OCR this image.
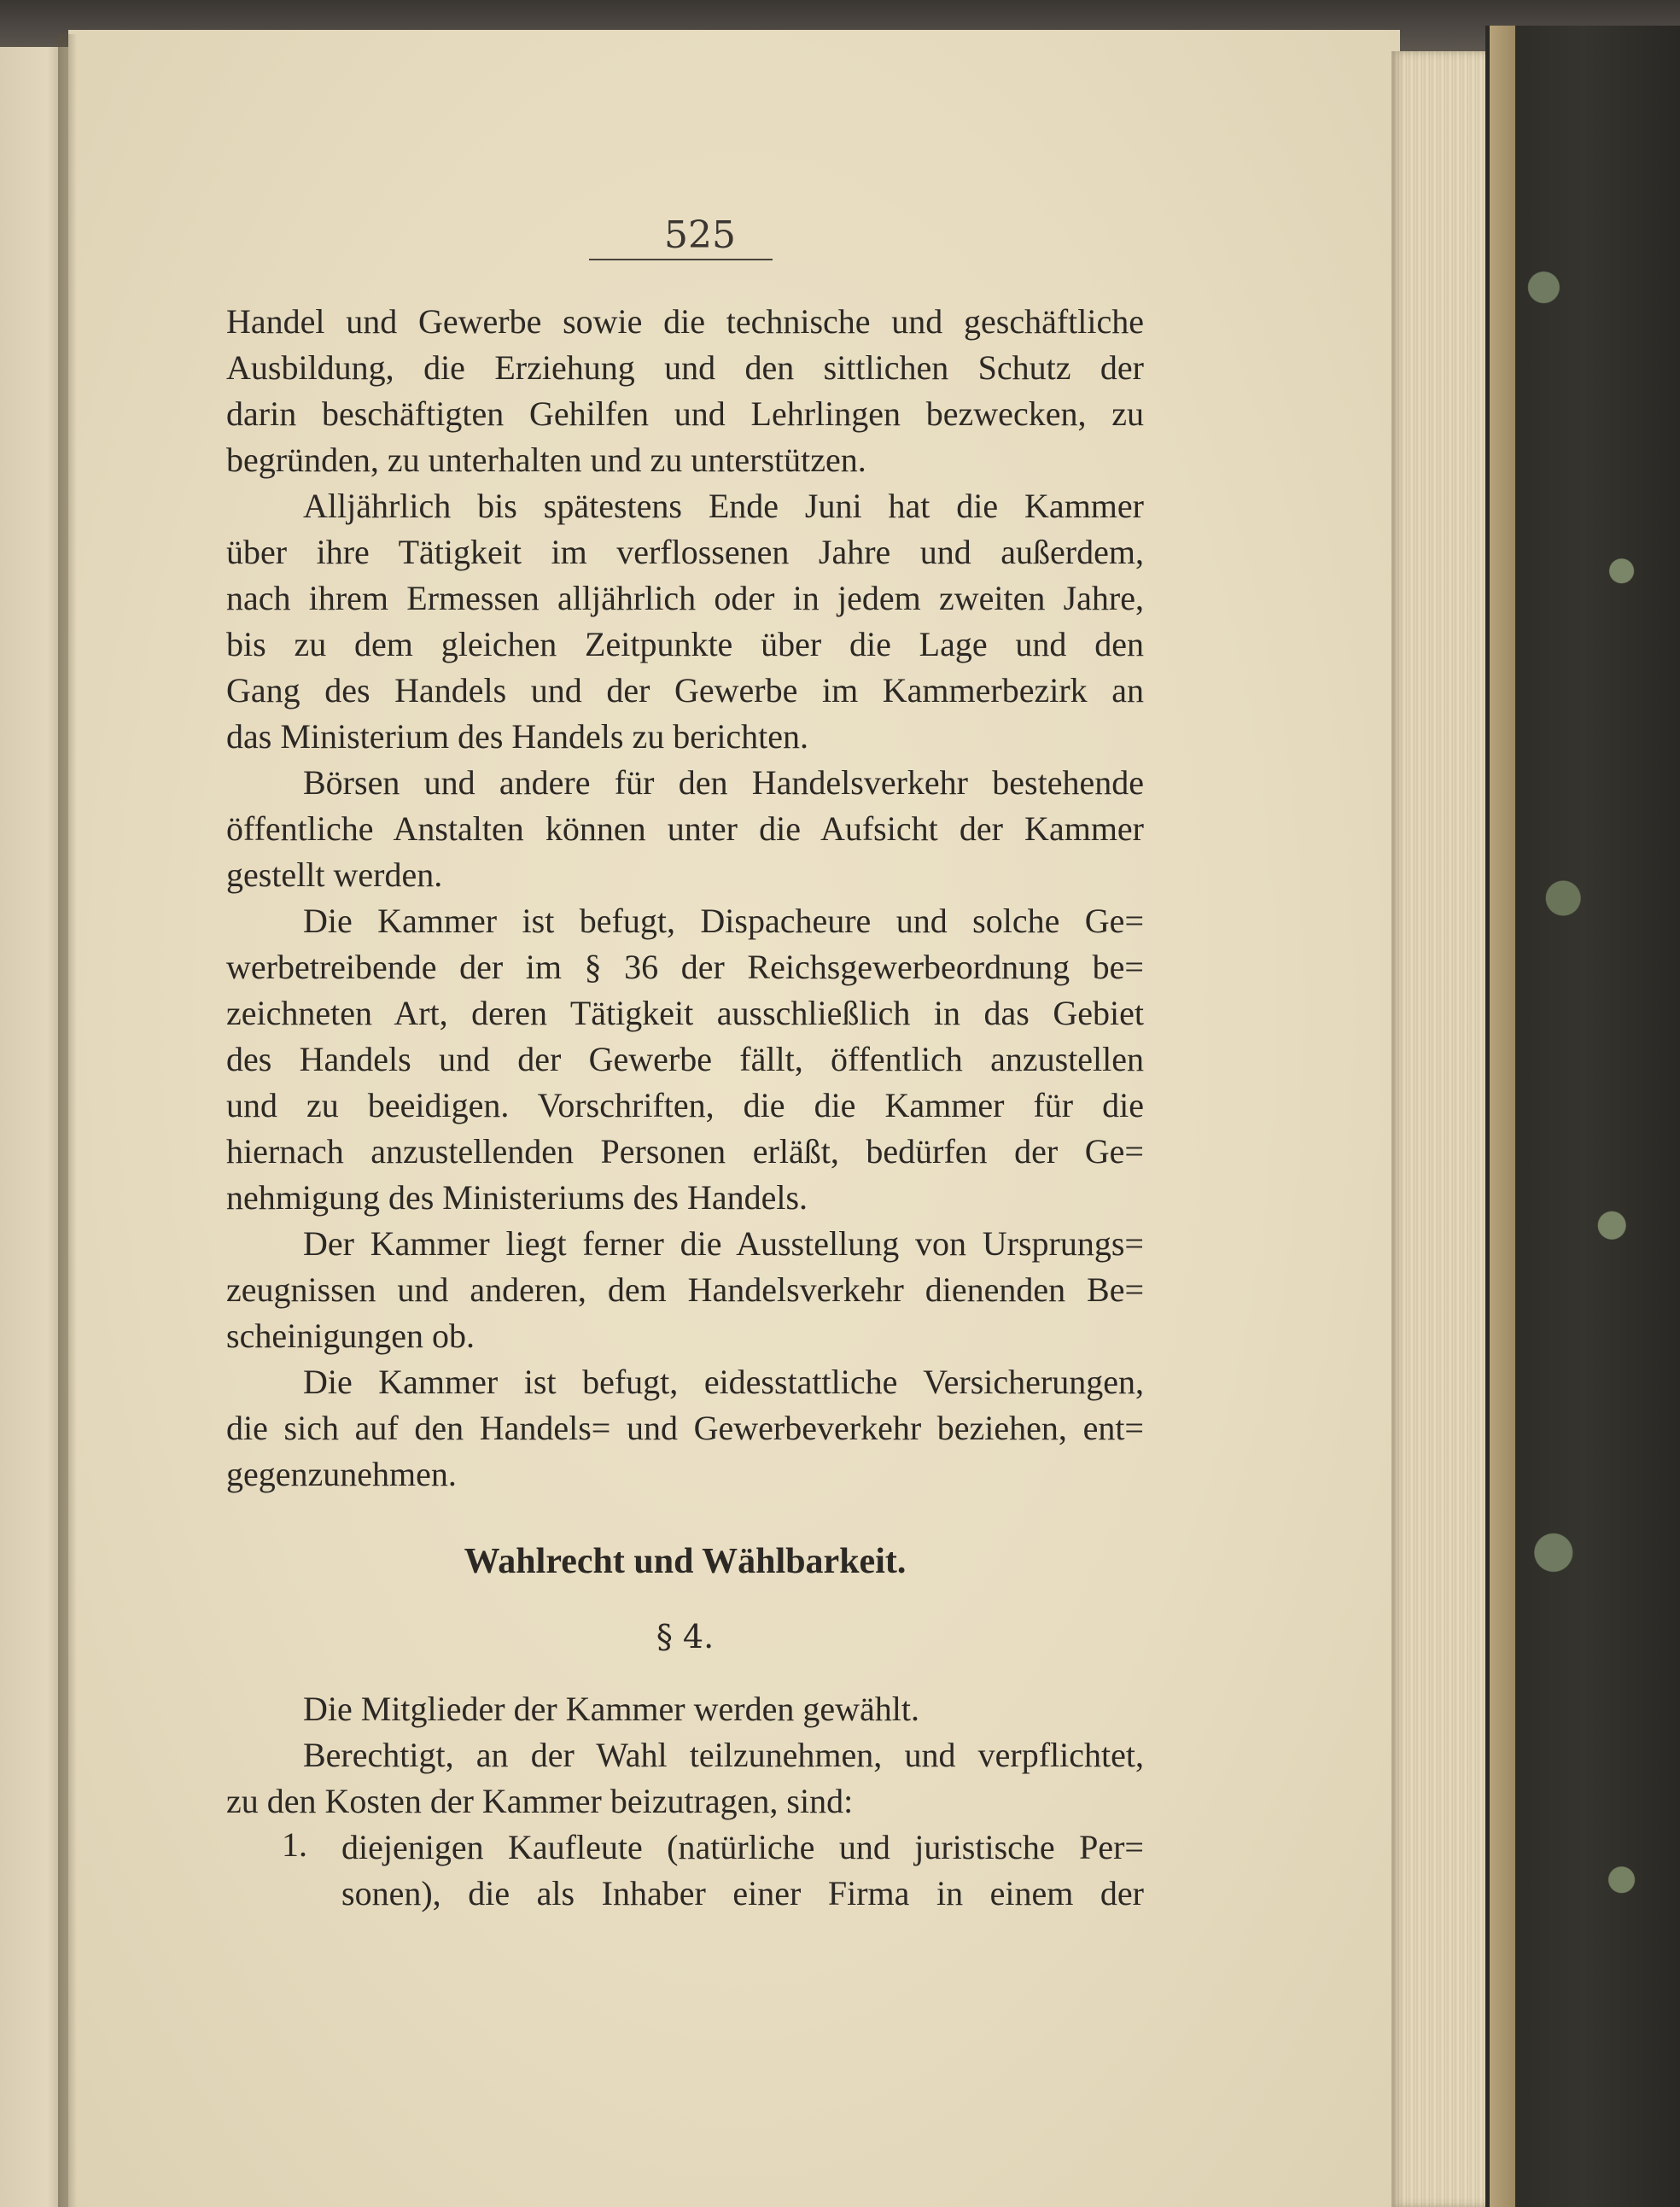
525

Handel und Gewerbe sowie die technische und geschäftliche
Ausbildung, die Erziehung und den sittlichen Schutz der
darin beschäftigten Gehilfen und Lehrlingen bezwecken, zu
begründen, zu unterhalten und zu unterstützen.

Alljährlich bis spätestens Ende Juni hat die Kammer
über ihre Tätigkeit im verflossenen Jahre und außerdem,
nach ihrem Ermessen alljährlich oder in jedem zweiten Jahre,
bis zu dem gleichen Zeitpunkte über die Lage und den
Gang des Handels und der Gewerbe im Kammerbezirk an
das Ministerium des Handels zu berichten.

Börsen und andere für den Handelsverkehr bestehende
öffentliche Anstalten können unter die Aufsicht der Kammer
gestellt werden.

Die Kammer ist befugt, Dispacheure und solche Ge=
werbetreibende der im § 36 der Reichsgewerbeordnung be=
zeichneten Art, deren Tätigkeit ausschließlich in das Gebiet
des Handels und der Gewerbe fällt, öffentlich anzustellen
und zu beeidigen. Vorschriften, die die Kammer für die
hiernach anzustellenden Personen erläßt, bedürfen der Ge=
nehmigung des Ministeriums des Handels.

Der Kammer liegt ferner die Ausstellung von Ursprungs=
zeugnissen und anderen, dem Handelsverkehr dienenden Be=
scheinigungen ob.

Die Kammer ist befugt, eidesstattliche Versicherungen,
die sich auf den Handels= und Gewerbeverkehr beziehen, ent=
gegenzunehmen.

Wahlrecht und Wählbarkeit.
§ 4.

Die Mitglieder der Kammer werden gewählt.

Berechtigt, an der Wahl teilzunehmen, und verpflichtet,
zu den Kosten der Kammer beizutragen, sind:

1. diejenigen Kaufleute (natürliche und juristische Per=
sonen), die als Inhaber einer Firma in einem der
